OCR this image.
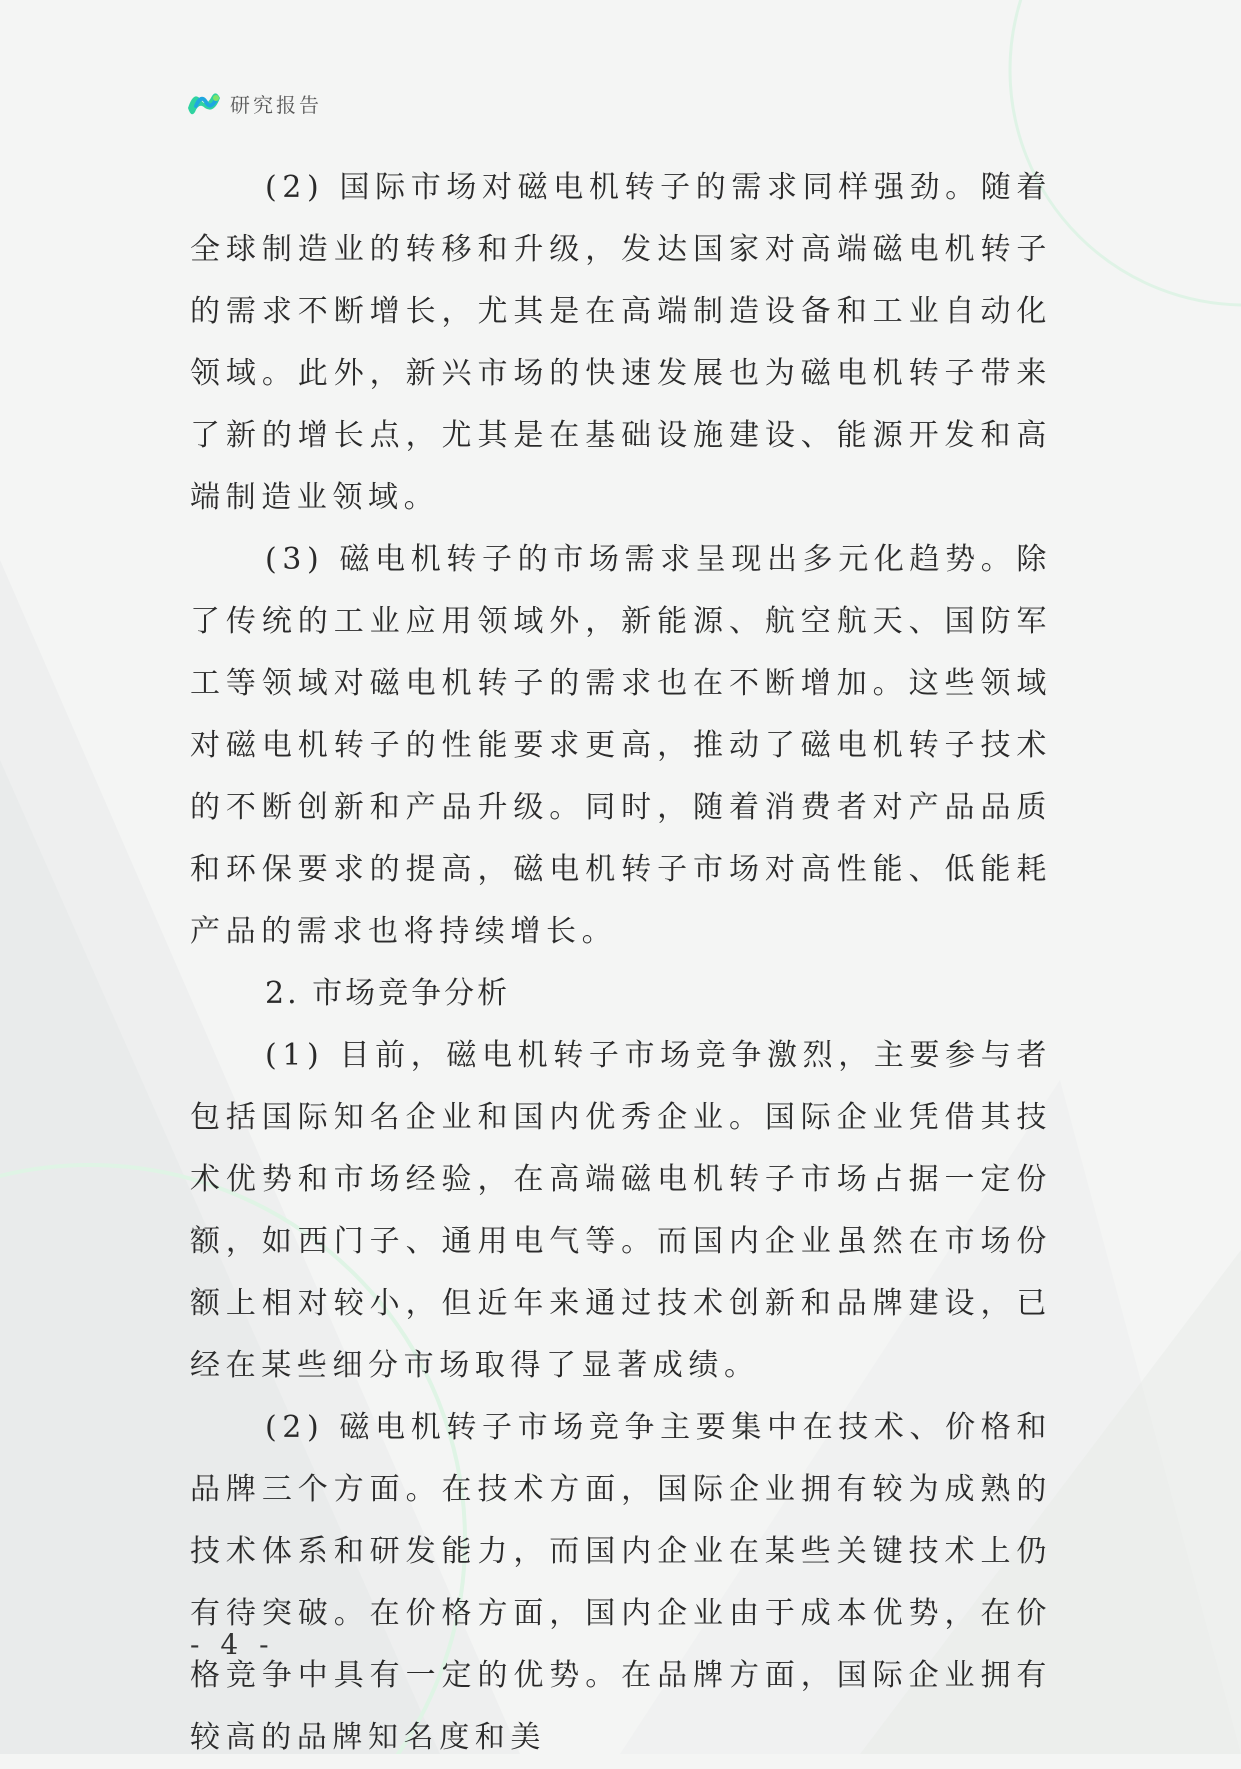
研究报告

(2) 国际市场对磁电机转子的需求同样强劲。随着全球制造业的转移和升级，发达国家对高端磁电机转子的需求不断增长，尤其是在高端制造设备和工业自动化领域。此外，新兴市场的快速发展也为磁电机转子带来了新的增长点，尤其是在基础设施建设、能源开发和高端制造业领域。

(3) 磁电机转子的市场需求呈现出多元化趋势。除了传统的工业应用领域外，新能源、航空航天、国防军工等领域对磁电机转子的需求也在不断增加。这些领域对磁电机转子的性能要求更高，推动了磁电机转子技术的不断创新和产品升级。同时，随着消费者对产品品质和环保要求的提高，磁电机转子市场对高性能、低能耗产品的需求也将持续增长。

2. 市场竞争分析

(1) 目前，磁电机转子市场竞争激烈，主要参与者包括国际知名企业和国内优秀企业。国际企业凭借其技术优势和市场经验，在高端磁电机转子市场占据一定份额，如西门子、通用电气等。而国内企业虽然在市场份额上相对较小，但近年来通过技术创新和品牌建设，已经在某些细分市场取得了显著成绩。

(2) 磁电机转子市场竞争主要集中在技术、价格和品牌三个方面。在技术方面，国际企业拥有较为成熟的技术体系和研发能力，而国内企业在某些关键技术上仍有待突破。在价格方面，国内企业由于成本优势，在价格竞争中具有一定的优势。在品牌方面，国际企业拥有较高的品牌知名度和美

- 4 -
